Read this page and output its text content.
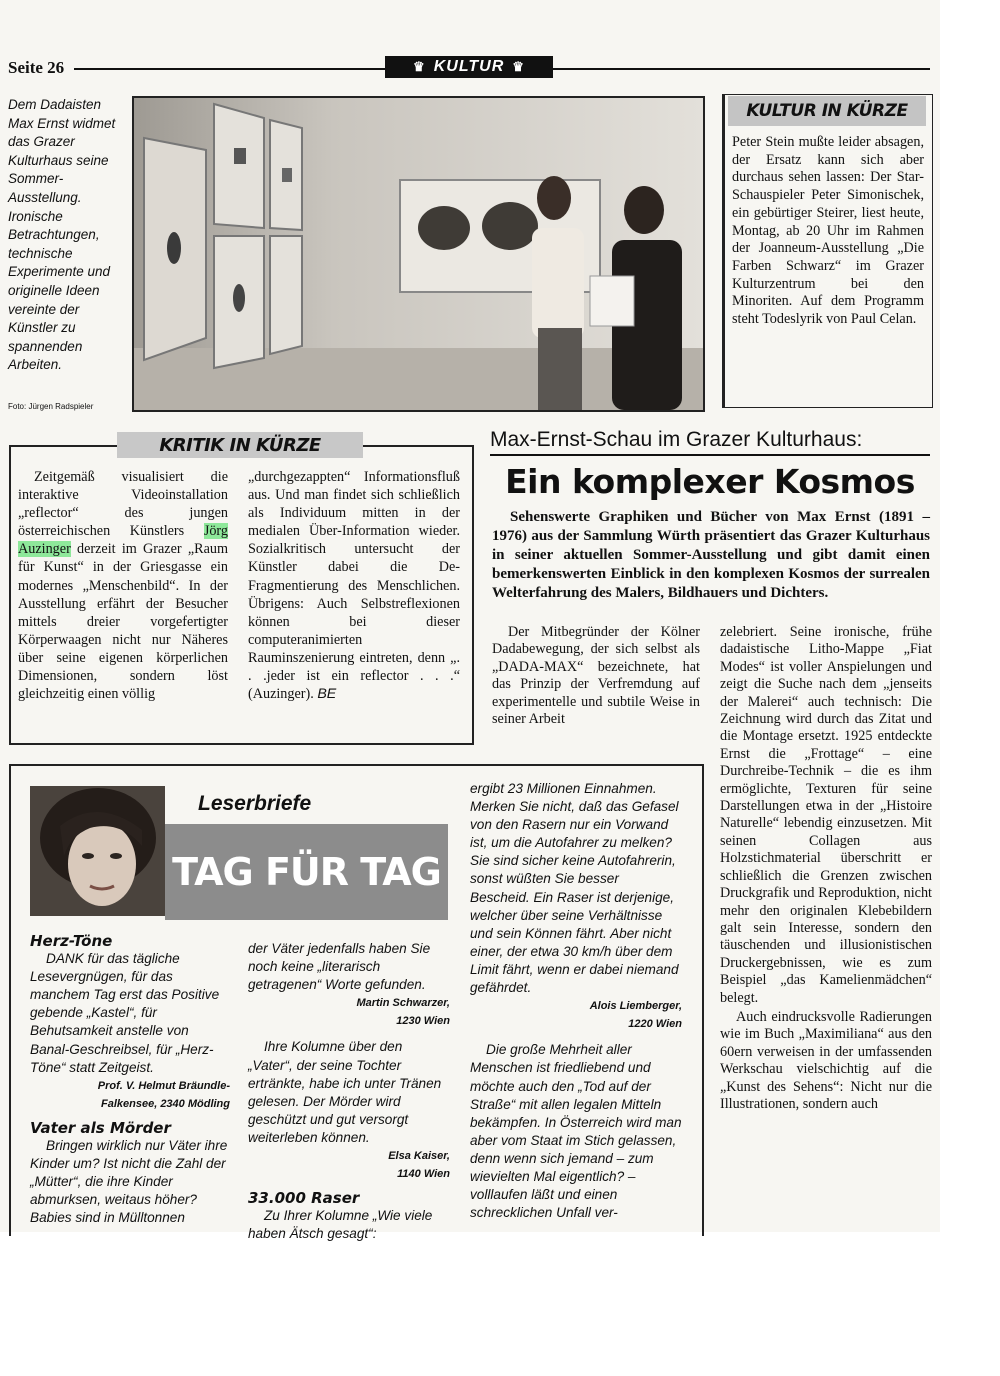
Seite 26	♛ KULTUR ♛
Dem Dadaisten Max Ernst widmet das Grazer Kulturhaus seine Sommer-Ausstellung. Ironische Betrachtungen, technische Experimente und originelle Ideen vereinte der Künstler zu spannenden Arbeiten.
Foto: Jürgen Radspieler
KULTUR IN KÜRZE
Peter Stein mußte leider absagen, der Ersatz kann sich aber durchaus sehen lassen: Der Star-Schauspieler Peter Simonischek, ein gebürtiger Steirer, liest heute, Montag, ab 20 Uhr im Rahmen der Joanneum-Ausstellung „Die Farben Schwarz“ im Grazer Kulturzentrum bei den Minoriten. Auf dem Programm steht Todeslyrik von Paul Celan.
KRITIK IN KÜRZE
Zeitgemäß visualisiert die interaktive Videoinstallation „reflector“ des jungen österreichischen Künstlers Jörg Auzinger derzeit im Grazer „Raum für Kunst“ in der Griesgasse ein modernes „Menschenbild“. In der Ausstellung erfährt der Besucher mittels dreier vorgefertigter Körperwaagen nicht nur Näheres über seine eigenen körperlichen Dimensionen, sondern löst gleichzeitig einen völlig
„durchgezappten“ Informationsfluß aus. Und man findet sich schließlich als Individuum mitten in der medialen Über-Information wieder. Sozialkritisch untersucht der Künstler dabei die De-Fragmentierung des Menschlichen. Übrigens: Auch Selbstreflexionen können bei dieser computeranimierten Rauminszenierung eintreten, denn „. . .jeder ist ein reflector . . .“ (Auzinger). BE
Max-Ernst-Schau im Grazer Kulturhaus:
Ein komplexer Kosmos
Sehenswerte Graphiken und Bücher von Max Ernst (1891 – 1976) aus der Sammlung Würth präsentiert das Grazer Kulturhaus in seiner aktuellen Sommer-Ausstellung und gibt damit einen bemerkenswerten Einblick in den komplexen Kosmos der surrealen Welterfahrung des Malers, Bildhauers und Dichters.
Der Mitbegründer der Kölner Dadabewegung, der sich selbst als „DADA-MAX“ bezeichnete, hat das Prinzip der Verfremdung auf experimentelle und subtile Weise in seiner Arbeit
zelebriert. Seine ironische, frühe dadaistische Litho-Mappe „Fiat Modes“ ist voller Anspielungen und zeigt die Suche nach dem „jenseits der Malerei“ auch technisch: Die Zeichnung wird durch das Zitat und die Montage ersetzt. 1925 entdeckte Ernst die „Frottage“ – eine Durchreibe-Technik – die es ihm ermöglichte, Texturen für seine Darstellungen etwa in der „Histoire Naturelle“ lebendig einzusetzen. Mit seinen Collagen aus Holzstichmaterial überschritt er schließlich die Grenzen zwischen Druckgrafik und Reproduktion, nicht mehr den originalen Klebebildern galt sein Interesse, sondern den täuschenden und illusionistischen Druckergebnissen, wie es zum Beispiel „das Kamelienmädchen“ belegt.
Auch eindrucksvolle Radierungen wie im Buch „Maximiliana“ aus den 60ern verweisen in der umfassenden Werkschau vielschichtig auf die „Kunst des Sehens“: Nicht nur die Illustrationen, sondern auch
Leserbriefe
TAG FÜR TAG
Herz-Töne
DANK für das tägliche Lesevergnügen, für das manchem Tag erst das Positive gebende „Kastel“, für Behutsamkeit anstelle von Banal-Geschreibsel, für „Herz-Töne“ statt Zeitgeist.
Prof. V. Helmut Bräundle-
Falkensee, 2340 Mödling
Vater als Mörder
Bringen wirklich nur Väter ihre Kinder um? Ist nicht die Zahl der „Mütter“, die ihre Kinder abmurksen, weitaus höher? Babies sind in Mülltonnen
der Väter jedenfalls haben Sie noch keine „literarisch getragenen“ Worte gefunden.
Martin Schwarzer,
1230 Wien
Ihre Kolumne über den „Vater“, der seine Tochter ertränkte, habe ich unter Tränen gelesen. Der Mörder wird geschützt und gut versorgt weiterleben können.
Elsa Kaiser,
1140 Wien
33.000 Raser
Zu Ihrer Kolumne „Wie viele haben Ätsch gesagt“:
ergibt 23 Millionen Einnahmen. Merken Sie nicht, daß das Gefasel von den Rasern nur ein Vorwand ist, um die Autofahrer zu melken? Sie sind sicher keine Autofahrerin, sonst wüßten Sie besser Bescheid. Ein Raser ist derjenige, welcher über seine Verhältnisse und sein Können fährt. Aber nicht einer, der etwa 30 km/h über dem Limit fährt, wenn er dabei niemand gefährdet.
Alois Liemberger,
1220 Wien
Die große Mehrheit aller Menschen ist friedliebend und möchte auch den „Tod auf der Straße“ mit allen legalen Mitteln bekämpfen. In Österreich wird man aber vom Staat im Stich gelassen, denn wenn sich jemand – zum wievielten Mal eigentlich? – volllaufen läßt und einen schrecklichen Unfall ver-
